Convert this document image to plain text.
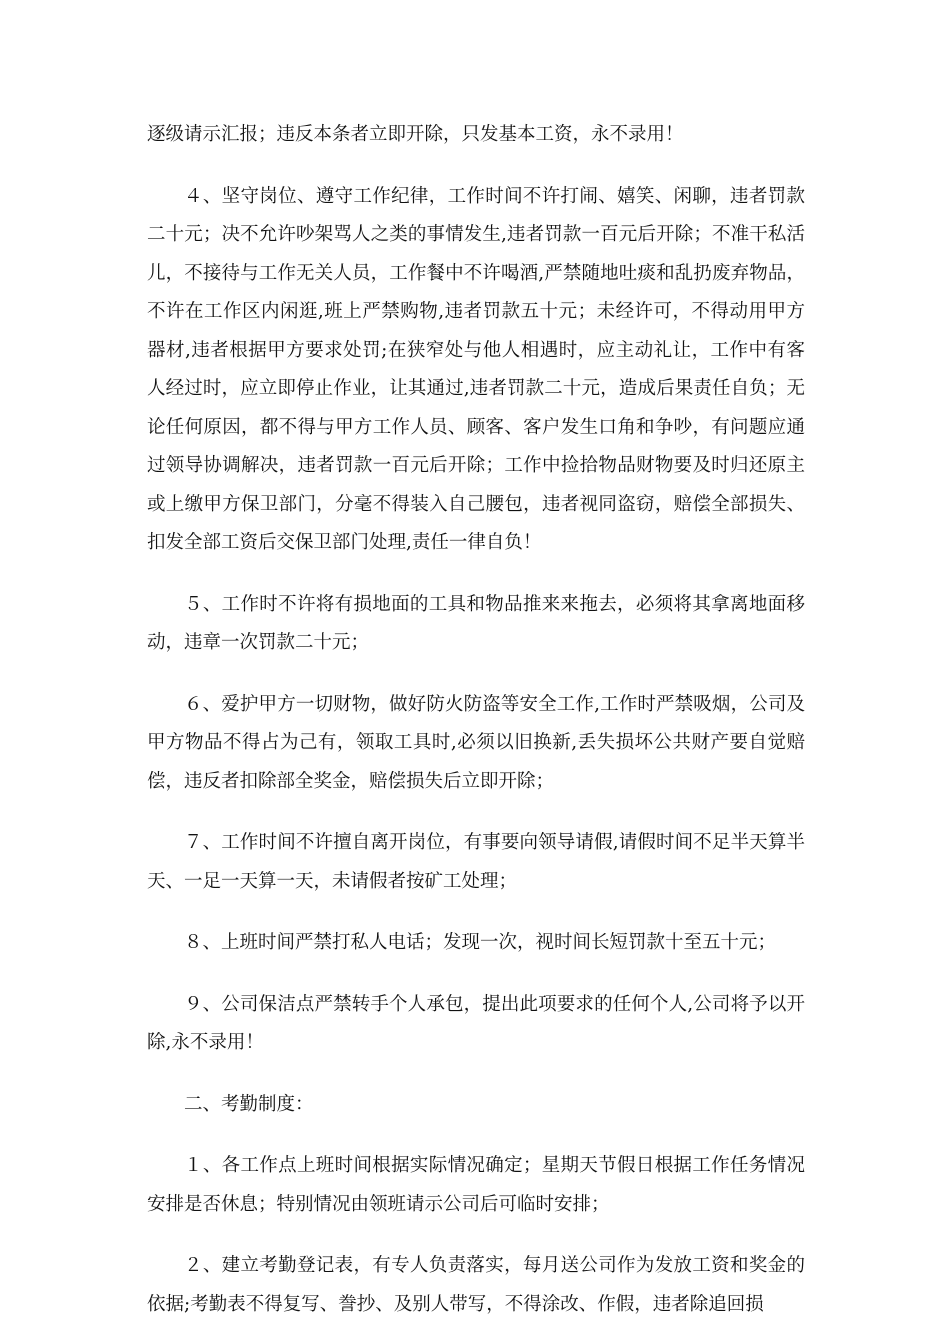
逐级请示汇报；违反本条者立即开除，只发基本工资，永不录用！

４、坚守岗位、遵守工作纪律，工作时间不许打闹、嬉笑、闲聊，违者罚款二十元；决不允许吵架骂人之类的事情发生,违者罚款一百元后开除；不准干私活儿，不接待与工作无关人员，工作餐中不许喝酒,严禁随地吐痰和乱扔废弃物品，不许在工作区内闲逛,班上严禁购物,违者罚款五十元；未经许可，不得动用甲方器材,违者根据甲方要求处罚;在狭窄处与他人相遇时，应主动礼让，工作中有客人经过时，应立即停止作业，让其通过,违者罚款二十元，造成后果责任自负；无论任何原因，都不得与甲方工作人员、顾客、客户发生口角和争吵，有问题应通过领导协调解决，违者罚款一百元后开除；工作中捡拾物品财物要及时归还原主或上缴甲方保卫部门，分毫不得装入自己腰包，违者视同盗窃，赔偿全部损失、扣发全部工资后交保卫部门处理,责任一律自负！

５、工作时不许将有损地面的工具和物品推来来拖去，必须将其拿离地面移动，违章一次罚款二十元；

６、爱护甲方一切财物，做好防火防盗等安全工作,工作时严禁吸烟，公司及甲方物品不得占为己有，领取工具时,必须以旧换新,丢失损坏公共财产要自觉赔偿，违反者扣除部全奖金，赔偿损失后立即开除；

７、工作时间不许擅自离开岗位，有事要向领导请假,请假时间不足半天算半天、一足一天算一天，未请假者按矿工处理；

８、上班时间严禁打私人电话；发现一次，视时间长短罚款十至五十元；

９、公司保洁点严禁转手个人承包，提出此项要求的任何个人,公司将予以开除,永不录用！

二、考勤制度：

１、各工作点上班时间根据实际情况确定；星期天节假日根据工作任务情况安排是否休息；特别情况由领班请示公司后可临时安排；

２、建立考勤登记表，有专人负责落实，每月送公司作为发放工资和奖金的依据;考勤表不得复写、誊抄、及别人带写，不得涂改、作假，违者除追回损
